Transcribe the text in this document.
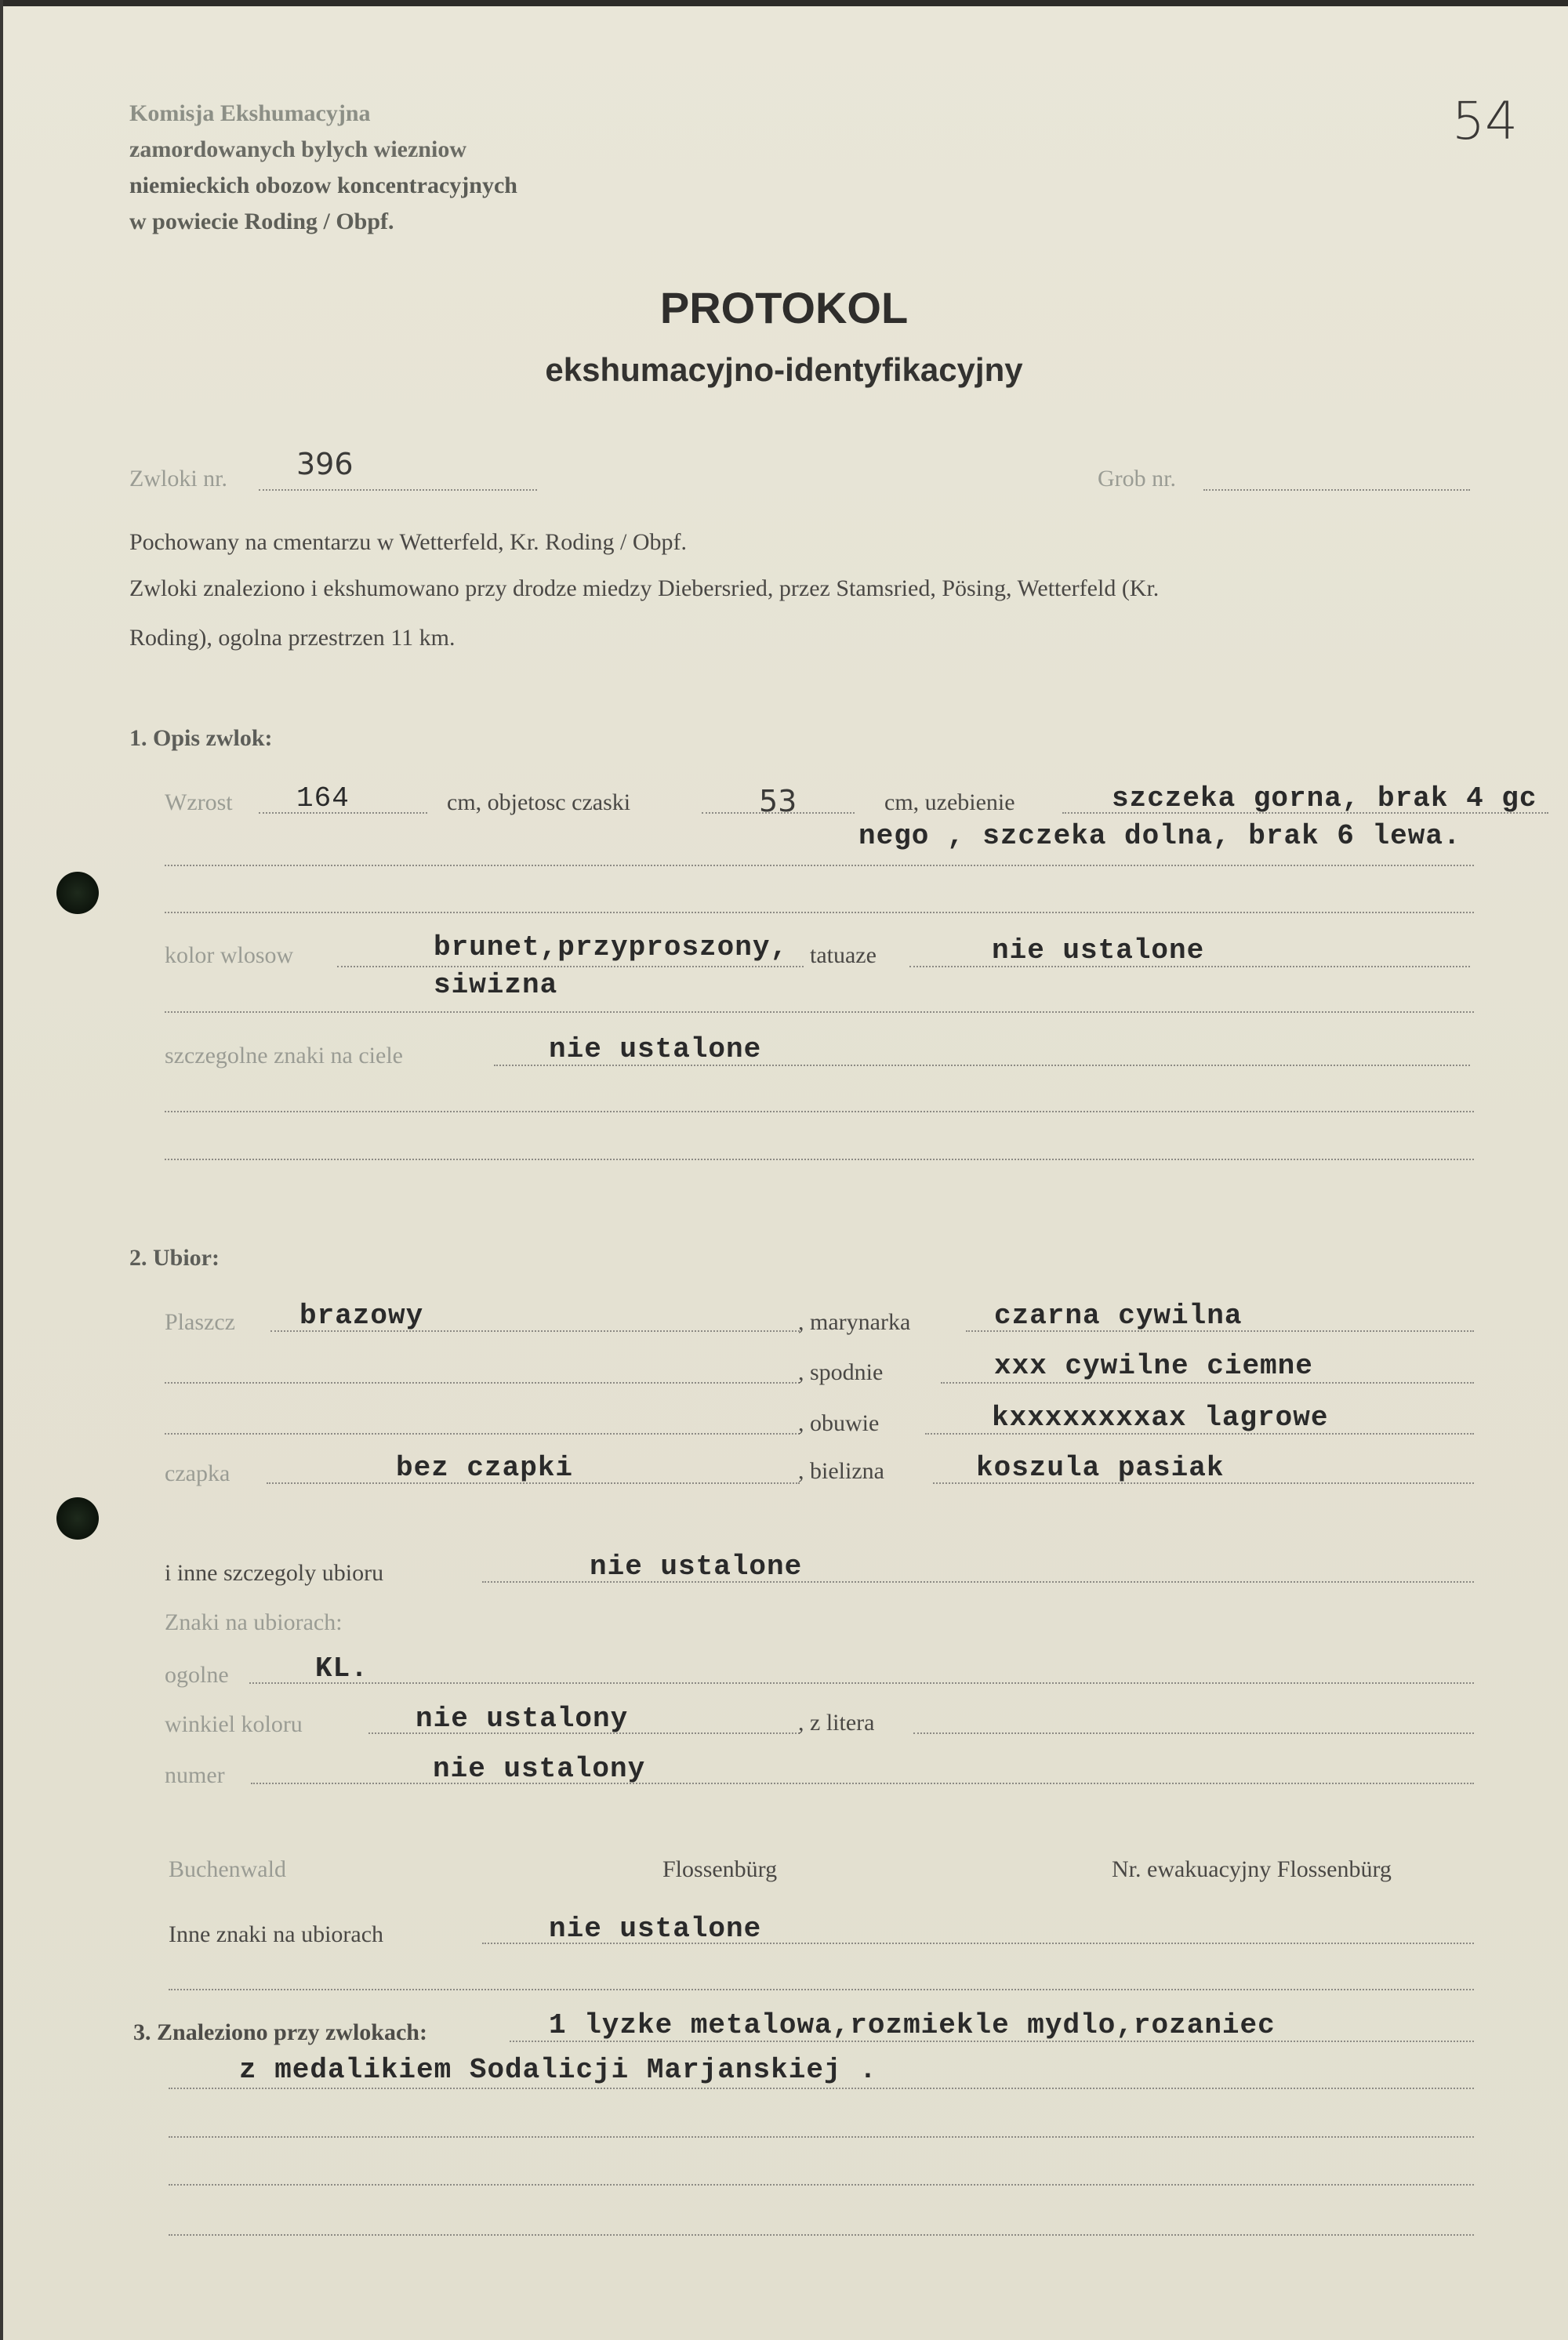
Komisja Ekshumacyjna
zamordowanych bylych wiezniow
niemieckich obozow koncentracyjnych
w powiecie Roding / Obpf.
54
PROTOKOL
ekshumacyjno-identyfikacyjny
Zwloki nr. 396	Grob nr.
Pochowany na cmentarzu w Wetterfeld, Kr. Roding / Obpf.
Zwloki znaleziono i ekshumowano przy drodze miedzy Diebersried, przez Stamsried, Pösing, Wetterfeld (Kr.
Roding), ogolna przestrzen 11 km.
1. Opis zwlok:
Wzrost 164	cm, objetosc czaski	53	cm, uzebienie	szczeka gorna, brak 4 gc
nego , szczeka dolna, brak 6 lewa.
kolor wlosow	brunet,przyproszony,
siwizna
tatuaze	nie ustalone
szczegolne znaki na ciele	nie ustalone
2. Ubior:
Plaszcz brazowy	, marynarka	czarna cywilna
, spodnie	xxx cywilne ciemne
, obuwie	kxxxxxxxxax lagrowe
czapka	bez czapki	, bielizna	koszula pasiak
i inne szczegoly ubioru	nie ustalone
Znaki na ubiorach:
ogolne	KL.
winkiel koloru	nie ustalony	, z litera
numer	nie ustalony
Buchenwald	Flossenbürg	Nr. ewakuacyjny Flossenbürg
Inne znaki na ubiorach	nie ustalone
3. Znaleziono przy zwlokach:	1 lyzke metalowa,rozmiekle mydlo,rozaniec
z medalikiem Sodalicji Marjanskiej .
